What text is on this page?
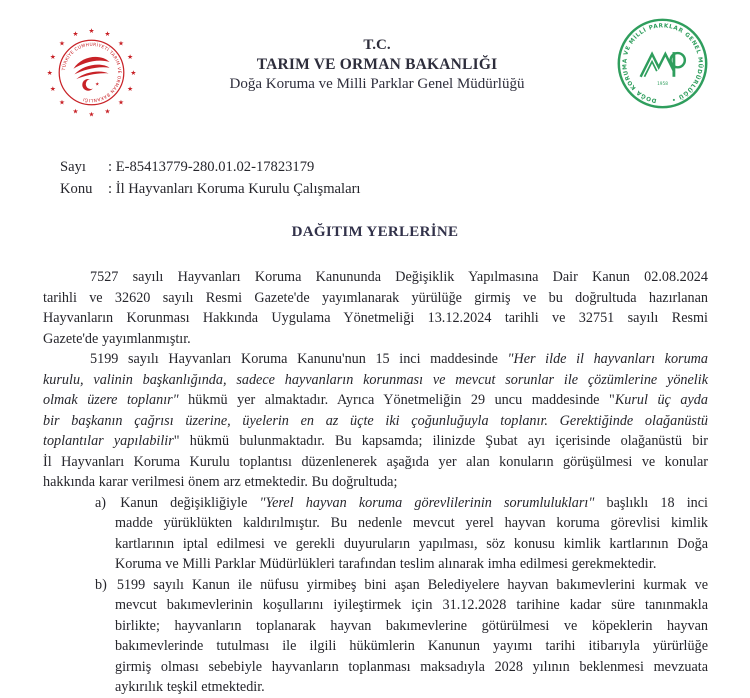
★
★
★
★
★
★
★
★
★
★
★
★ ★ ★
★
★
TÜRKİYE CUMHURİYETİ TARIM VE ORMAN BAKANLIĞI
★
T.C.
TARIM VE ORMAN BAKANLIĞI
Doğa Koruma ve Milli Parklar Genel Müdürlüğü
DOĞA KORUMA VE MİLLİ PARKLAR GENEL MÜDÜRLÜĞÜ •
1958
Sayı : E-85413779-280.01.02-17823179
Konu : İl Hayvanları Koruma Kurulu Çalışmaları
DAĞITIM YERLERİNE
7527 sayılı Hayvanları Koruma Kanununda Değişiklik Yapılmasına Dair Kanun 02.08.2024
tarihli ve 32620 sayılı Resmi Gazete'de yayımlanarak yürülüğe girmiş ve bu doğrultuda hazırlanan
Hayvanların Korunması Hakkında Uygulama Yönetmeliği 13.12.2024 tarihli ve 32751 sayılı Resmi
Gazete'de yayımlanmıştır.
5199 sayılı Hayvanları Koruma Kanunu'nun 15 inci maddesinde "Her ilde il hayvanları koruma
kurulu, valinin başkanlığında, sadece hayvanların korunması ve mevcut sorunlar ile çözümlerine yönelik
olmak üzere toplanır" hükmü yer almaktadır. Ayrıca Yönetmeliğin 29 uncu maddesinde "Kurul üç ayda
bir başkanın çağrısı üzerine, üyelerin en az üçte iki çoğunluğuyla toplanır. Gerektiğinde olağanüstü
toplantılar yapılabilir" hükmü bulunmaktadır. Bu kapsamda; ilinizde Şubat ayı içerisinde olağanüstü bir
İl Hayvanları Koruma Kurulu toplantısı düzenlenerek aşağıda yer alan konuların görüşülmesi ve konular
hakkında karar verilmesi önem arz etmektedir. Bu doğrultuda;
a) Kanun değişikliğiyle "Yerel hayvan koruma görevlilerinin sorumlulukları" başlıklı 18 inci
madde yürüklükten kaldırılmıştır. Bu nedenle mevcut yerel hayvan koruma görevlisi kimlik
kartlarının iptal edilmesi ve gerekli duyuruların yapılması, söz konusu kimlik kartlarının Doğa
Koruma ve Milli Parklar Müdürlükleri tarafından teslim alınarak imha edilmesi gerekmektedir.
b) 5199 sayılı Kanun ile nüfusu yirmibeş bini aşan Belediyelere hayvan bakımevlerini kurmak ve
mevcut bakımevlerinin koşullarını iyileştirmek için 31.12.2028 tarihine kadar süre tanınmakla
birlikte; hayvanların toplanarak hayvan bakımevlerine götürülmesi ve köpeklerin hayvan
bakımevlerinde tutulması ile ilgili hükümlerin Kanunun yayımı tarihi itibarıyla yürürlüğe
girmiş olması sebebiyle hayvanların toplanması maksadıyla 2028 yılının beklenmesi mevzuata
aykırılık teşkil etmektedir.
